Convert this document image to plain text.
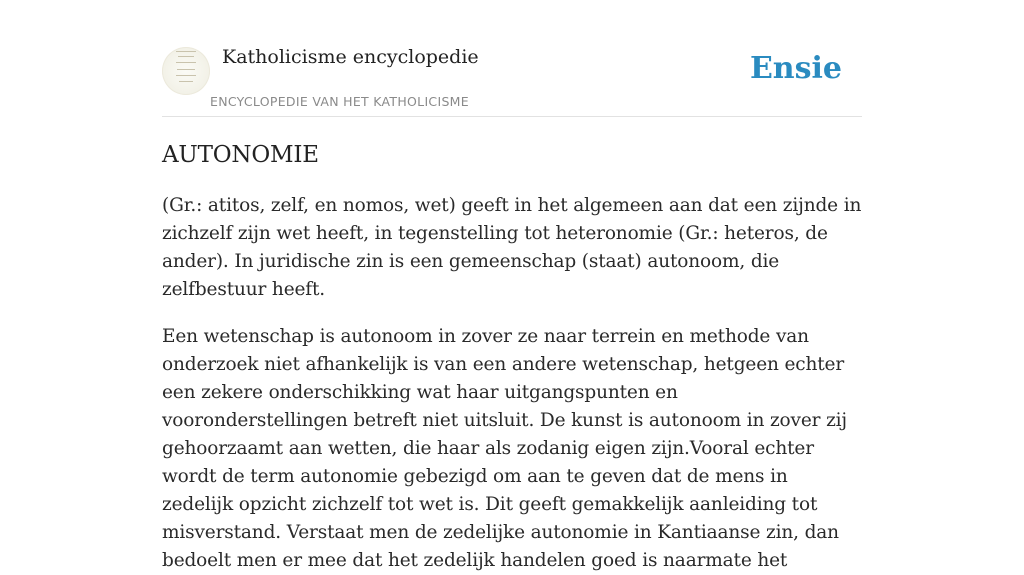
Katholicisme encyclopedie
ENCYCLOPEDIE VAN HET KATHOLICISME
Ensie
AUTONOMIE

(Gr.: atitos, zelf, en nomos, wet) geeft in het algemeen aan dat een zijnde in zichzelf zijn wet heeft, in tegenstelling tot heteronomie (Gr.: heteros, de ander). In juridische zin is een gemeenschap (staat) autonoom, die zelfbestuur heeft.

Een wetenschap is autonoom in zover ze naar terrein en methode van onderzoek niet afhankelijk is van een andere wetenschap, hetgeen echter een zekere onderschikking wat haar uitgangspunten en vooronderstellingen betreft niet uitsluit. De kunst is autonoom in zover zij gehoorzaamt aan wetten, die haar als zodanig eigen zijn.Vooral echter wordt de term autonomie gebezigd om aan te geven dat de mens in zedelijk opzicht zichzelf tot wet is. Dit geeft gemakkelijk aanleiding tot misverstand. Verstaat men de zedelijke autonomie in Kantiaanse zin, dan bedoelt men er mee dat het zedelijk handelen goed is naarmate het
